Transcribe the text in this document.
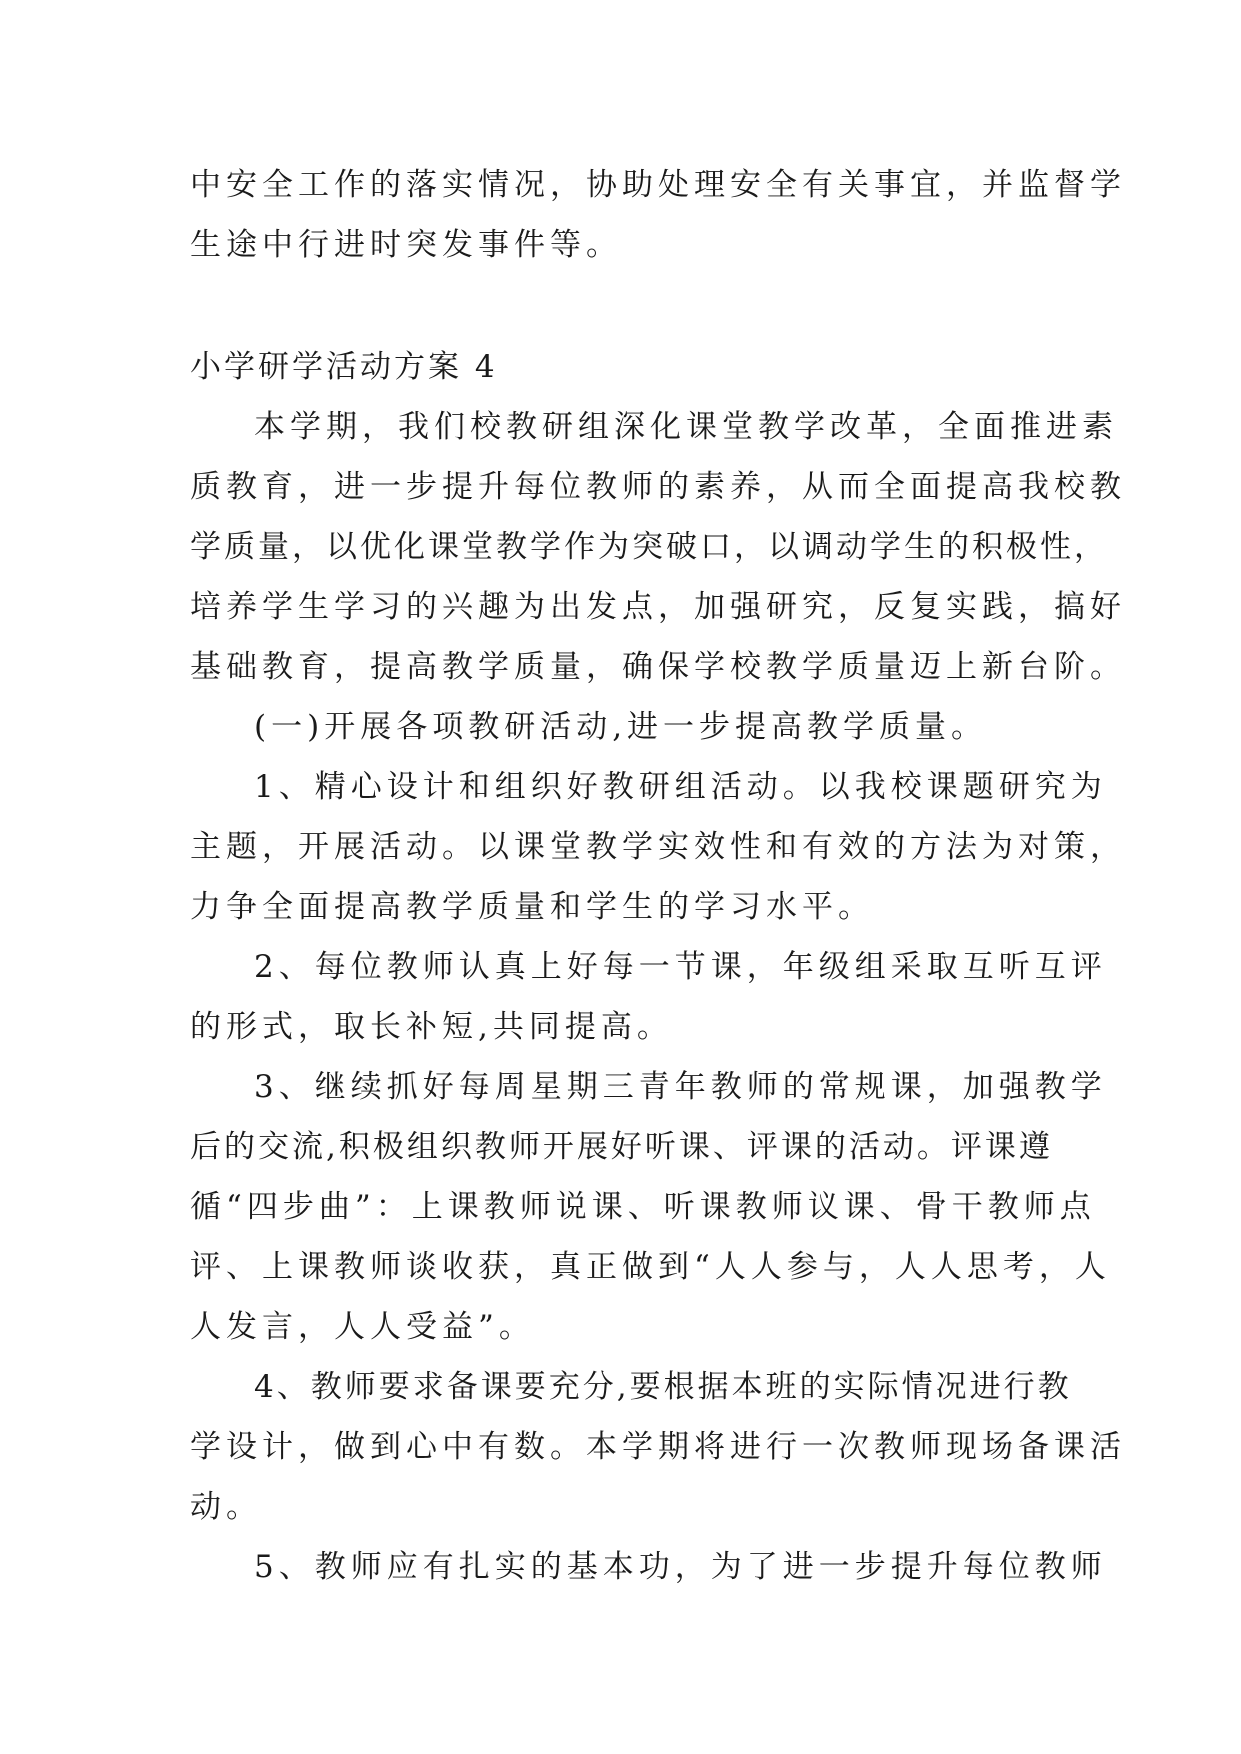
中安全工作的落实情况，协助处理安全有关事宜，并监督学
生途中行进时突发事件等。
小学研学活动方案 4
本学期，我们校教研组深化课堂教学改革，全面推进素
质教育，进一步提升每位教师的素养，从而全面提高我校教
学质量，以优化课堂教学作为突破口，以调动学生的积极性，
培养学生学习的兴趣为出发点，加强研究，反复实践，搞好
基础教育，提高教学质量，确保学校教学质量迈上新台阶。
(一)开展各项教研活动,进一步提高教学质量。
1、精心设计和组织好教研组活动。以我校课题研究为
主题，开展活动。以课堂教学实效性和有效的方法为对策，
力争全面提高教学质量和学生的学习水平。
2、每位教师认真上好每一节课，年级组采取互听互评
的形式，取长补短,共同提高。
3、继续抓好每周星期三青年教师的常规课，加强教学
后的交流,积极组织教师开展好听课、评课的活动。评课遵
循“四步曲”：上课教师说课、听课教师议课、骨干教师点
评、上课教师谈收获，真正做到“人人参与，人人思考，人
人发言，人人受益”。
4、教师要求备课要充分,要根据本班的实际情况进行教
学设计，做到心中有数。本学期将进行一次教师现场备课活
动。
5、教师应有扎实的基本功，为了进一步提升每位教师
